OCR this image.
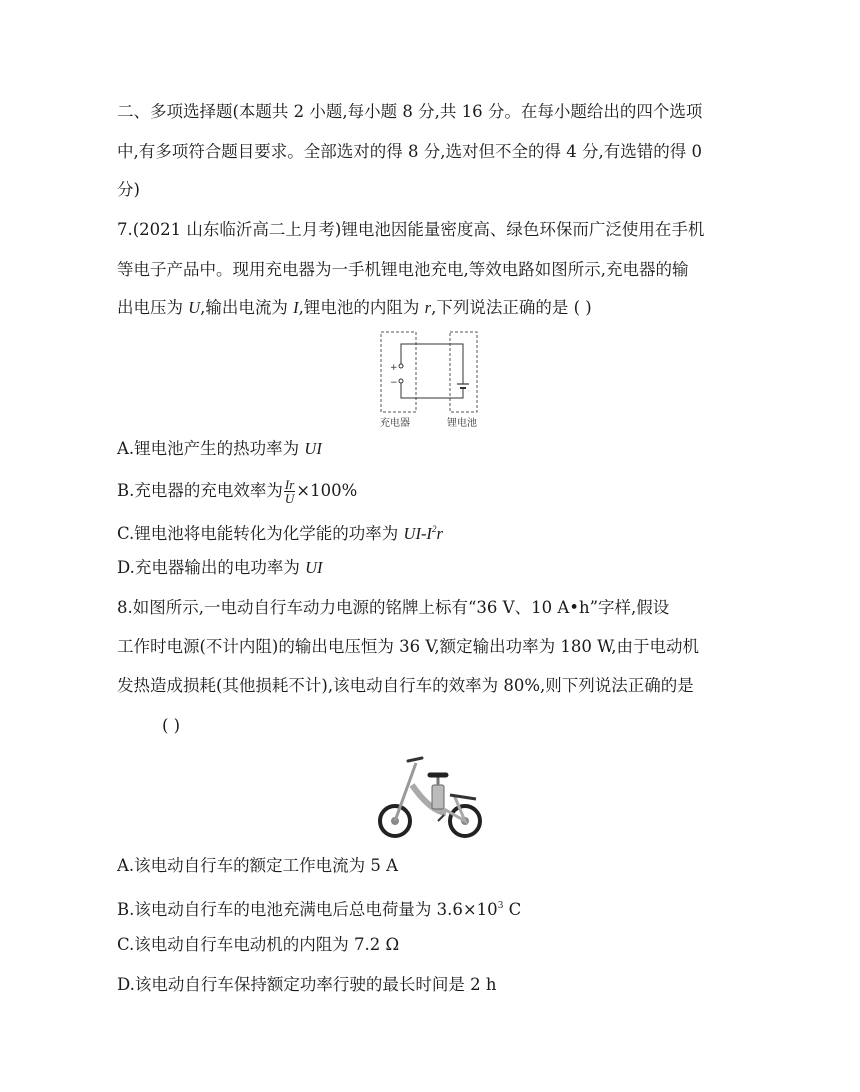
二、多项选择题(本题共 2 小题,每小题 8 分,共 16 分。在每小题给出的四个选项
中,有多项符合题目要求。全部选对的得 8 分,选对但不全的得 4 分,有选错的得 0
分)
7.(2021 山东临沂高二上月考)锂电池因能量密度高、绿色环保而广泛使用在手机
等电子产品中。现用充电器为一手机锂电池充电,等效电路如图所示,充电器的输
出电压为 U,输出电流为 I,锂电池的内阻为 r,下列说法正确的是 ( )
+
−
充电器	锂电池
A.锂电池产生的热功率为 UI
B.充电器的充电效率为 $\frac{Ir}{U} \times 100\%$
C.锂电池将电能转化为化学能的功率为 $UI-I^2r$
D.充电器输出的电功率为 UI
8.如图所示,一电动自行车动力电源的铭牌上标有“36 V、10 A•h”字样,假设
工作时电源(不计内阻)的输出电压恒为 36 V,额定输出功率为 180 W,由于电动机
发热造成损耗(其他损耗不计),该电动自行车的效率为 80%,则下列说法正确的是
( )
A.该电动自行车的额定工作电流为 5 A
B.该电动自行车的电池充满电后总电荷量为 $3.6\times 10^3$ C
C.该电动自行车电动机的内阻为 7.2 Ω
D.该电动自行车保持额定功率行驶的最长时间是 2 h
